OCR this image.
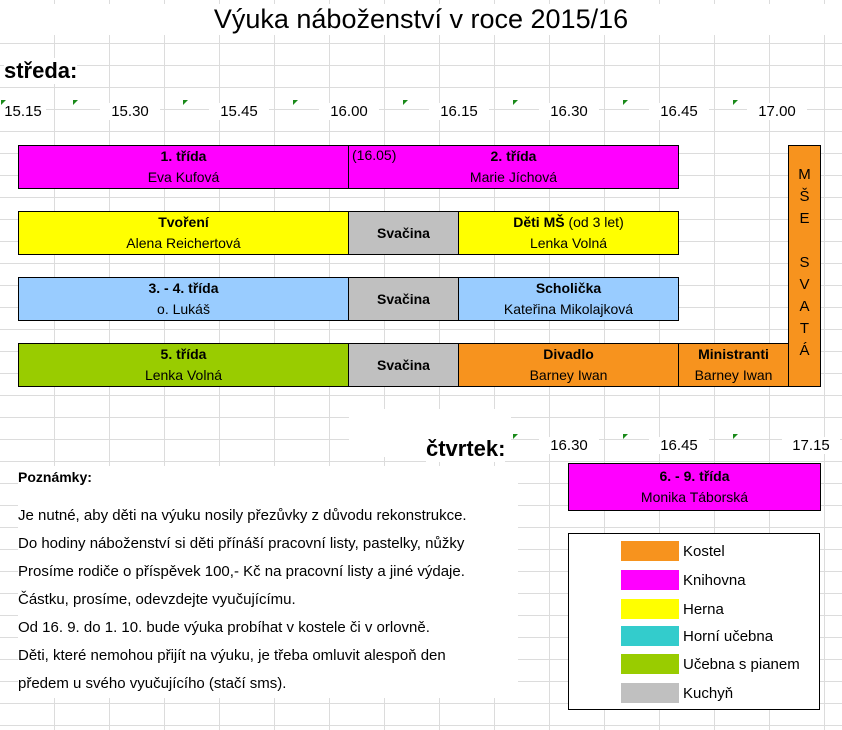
Výuka náboženství v roce 2015/16
středa:
15.15	15.30	15.45	16.00	16.15	16.30	16.45	17.00
1. třída
Eva Kufová
2. třída
Marie Jíchová
(16.05)
Tvoření
Alena Reichertová
Svačina
Děti MŠ (od 3 let)
Lenka Volná
3. - 4. třída
o. Lukáš
Svačina
Scholička
Kateřina Mikolajková
5. třída
Lenka Volná
Svačina
Divadlo
Barney Iwan
Ministranti
Barney Iwan
M
Š
E
S
V
A
T
Á
čtvrtek:	16.30	16.45	17.15
6. - 9. třída
Monika Táborská
Poznámky:
Je nutné, aby děti na výuku nosily přezůvky z důvodu rekonstrukce.
Do hodiny náboženství si děti přínáší pracovní listy, pastelky, nůžky
Prosíme rodiče o příspěvek 100,- Kč na pracovní listy a jiné výdaje.
Částku, prosíme, odevzdejte vyučujícímu.
Od 16. 9. do 1. 10. bude výuka probíhat v kostele či v orlovně.
Děti, které nemohou přijít na výuku, je třeba omluvit alespoň den
předem u svého vyučujícího (stačí sms).
Kostel
Knihovna
Herna
Horní učebna
Učebna s pianem
Kuchyň
